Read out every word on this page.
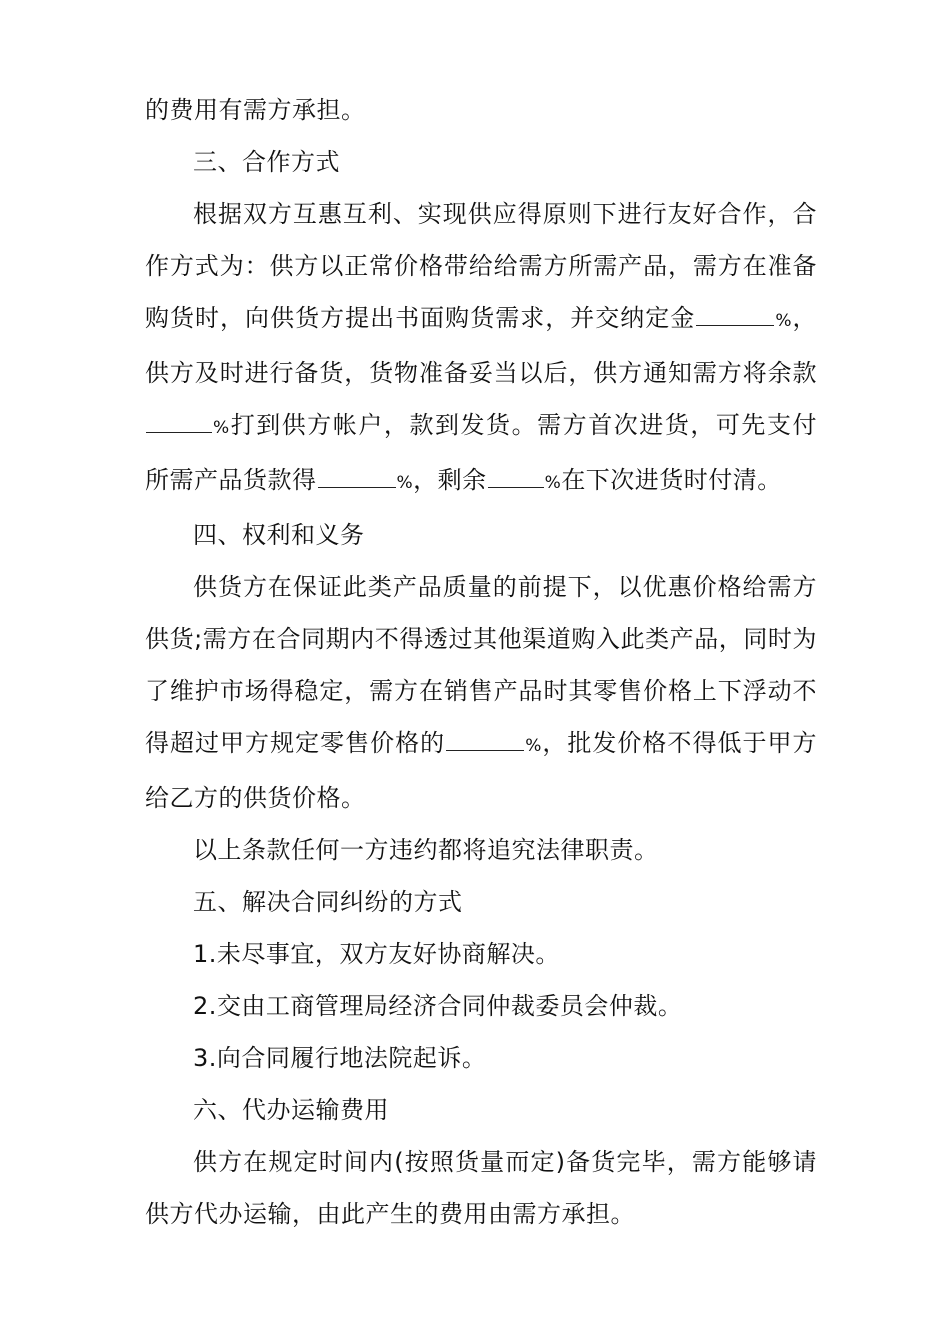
的费用有需方承担。

三、合作方式

根据双方互惠互利、实现供应得原则下进行友好合作，合作方式为：供方以正常价格带给给需方所需产品，需方在准备购货时，向供货方提出书面购货需求，并交纳定金	%，供方及时进行备货，货物准备妥当以后，供方通知需方将余款%打到供方帐户，款到发货。需方首次进货，可先支付所需产品货款得	%，剩余	%在下次进货时付清。

四、权利和义务

供货方在保证此类产品质量的前提下，以优惠价格给需方供货;需方在合同期内不得透过其他渠道购入此类产品，同时为了维护市场得稳定，需方在销售产品时其零售价格上下浮动不得超过甲方规定零售价格的	%，批发价格不得低于甲方给乙方的供货价格。

以上条款任何一方违约都将追究法律职责。

五、解决合同纠纷的方式

1.未尽事宜，双方友好协商解决。

2.交由工商管理局经济合同仲裁委员会仲裁。

3.向合同履行地法院起诉。

六、代办运输费用

供方在规定时间内(按照货量而定)备货完毕，需方能够请供方代办运输，由此产生的费用由需方承担。
